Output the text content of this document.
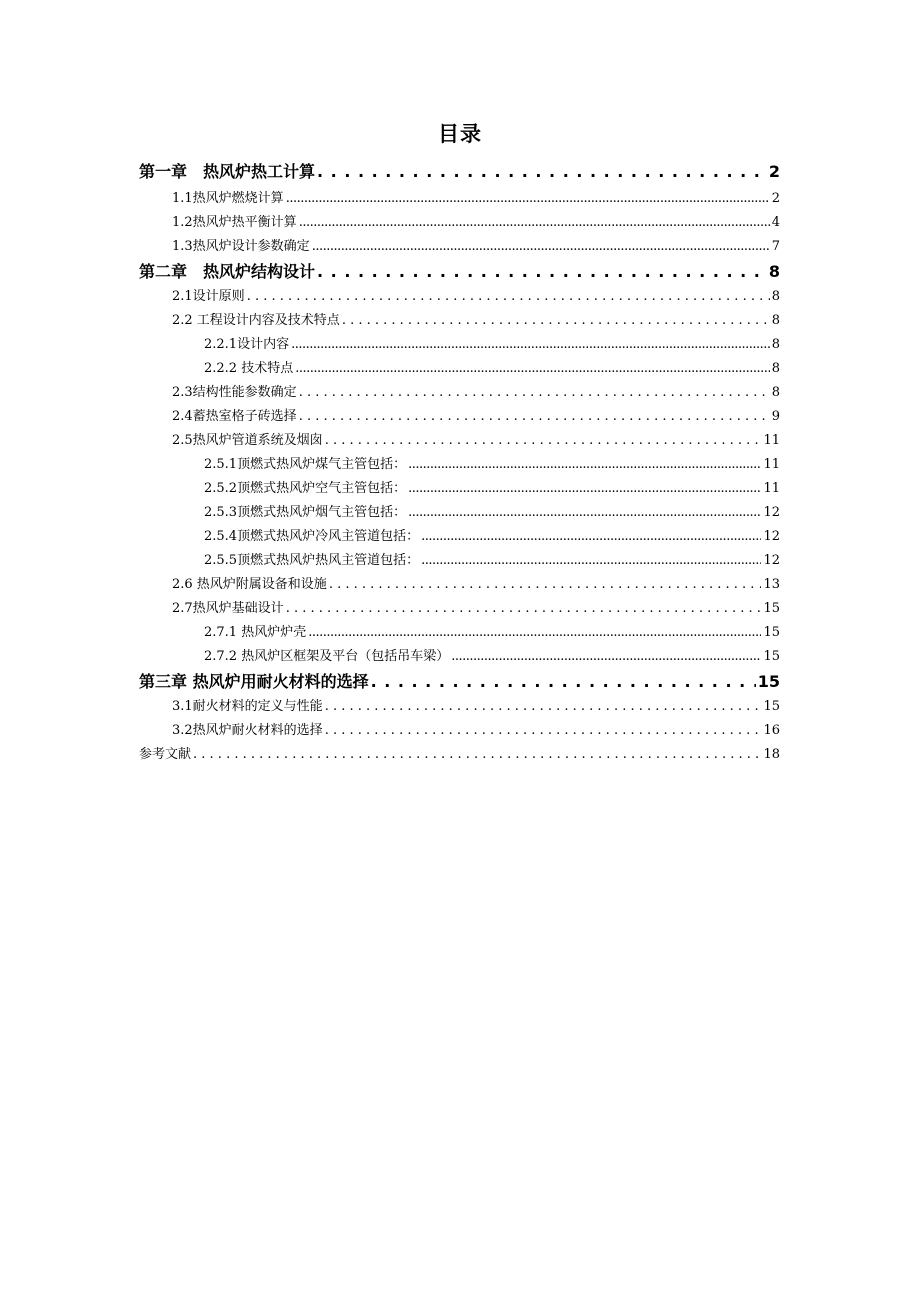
目录
第一章　热风炉热工计算 . . .	2
1.1热风炉燃烧计算 .....	2
1.2热风炉热平衡计算 .....	4
1.3热风炉设计参数确定 .....	7
第二章　热风炉结构设计 . . .	8
2.1设计原则 . . .	8
2.2 工程设计内容及技术特点 . . .	8
2.2.1设计内容 .....	8
2.2.2 技术特点 .....	8
2.3结构性能参数确定 . . .	8
2.4蓄热室格子砖选择 . . .	9
2.5热风炉管道系统及烟囱 . . .	11
2.5.1顶燃式热风炉煤气主管包括： .....	11
2.5.2顶燃式热风炉空气主管包括： .....	11
2.5.3顶燃式热风炉烟气主管包括： .....	12
2.5.4顶燃式热风炉冷风主管道包括： .....	12
2.5.5顶燃式热风炉热风主管道包括： .....	12
2.6 热风炉附属设备和设施 . . .	13
2.7热风炉基础设计 . . .	15
2.7.1 热风炉炉壳 .....	15
2.7.2 热风炉区框架及平台（包括吊车梁） .....	15
第三章 热风炉用耐火材料的选择 . . .	15
3.1耐火材料的定义与性能 . . .	15
3.2热风炉耐火材料的选择 . . .	16
参考文献 . . .	18
